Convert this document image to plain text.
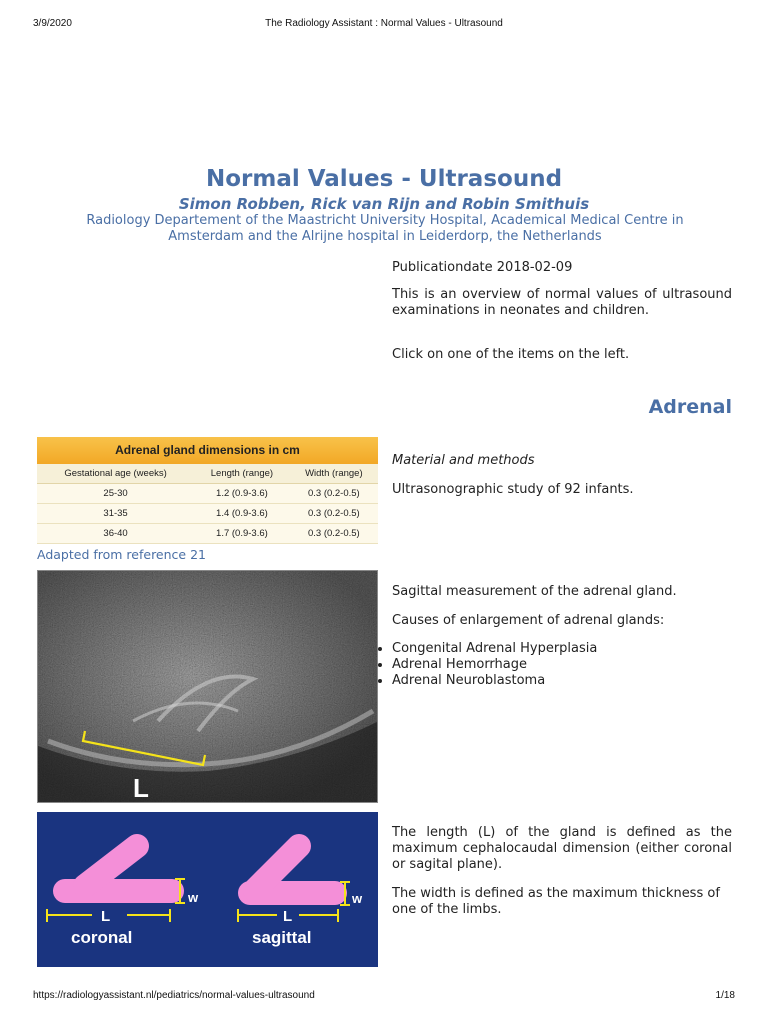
3/9/2020	The Radiology Assistant : Normal Values - Ultrasound
Normal Values - Ultrasound
Simon Robben, Rick van Rijn and Robin Smithuis
Radiology Departement of the Maastricht University Hospital, Academical Medical Centre in Amsterdam and the Alrijne hospital in Leiderdorp, the Netherlands
Publicationdate 2018-02-09
This is an overview of normal values of ultrasound examinations in neonates and children.
Click on one of the items on the left.
Adrenal
Adrenal gland dimensions in cm
Gestational age (weeks)	Length (range)	Width (range)
25-30	1.2 (0.9-3.6)	0.3 (0.2-0.5)
31-35	1.4 (0.9-3.6)	0.3 (0.2-0.5)
36-40	1.7 (0.9-3.6)	0.3 (0.2-0.5)
Adapted from reference 21
Material and methods
Ultrasonographic study of 92 infants.
L
Sagittal measurement of the adrenal gland.
Causes of enlargement of adrenal glands:
• Congenital Adrenal Hyperplasia
• Adrenal Hemorrhage
• Adrenal Neuroblastoma
w
L
coronal
w
L
sagittal
The length (L) of the gland is defined as the maximum cephalocaudal dimension (either coronal or sagital plane).
The width is defined as the maximum thickness of one of the limbs.
https://radiologyassistant.nl/pediatrics/normal-values-ultrasound	1/18
